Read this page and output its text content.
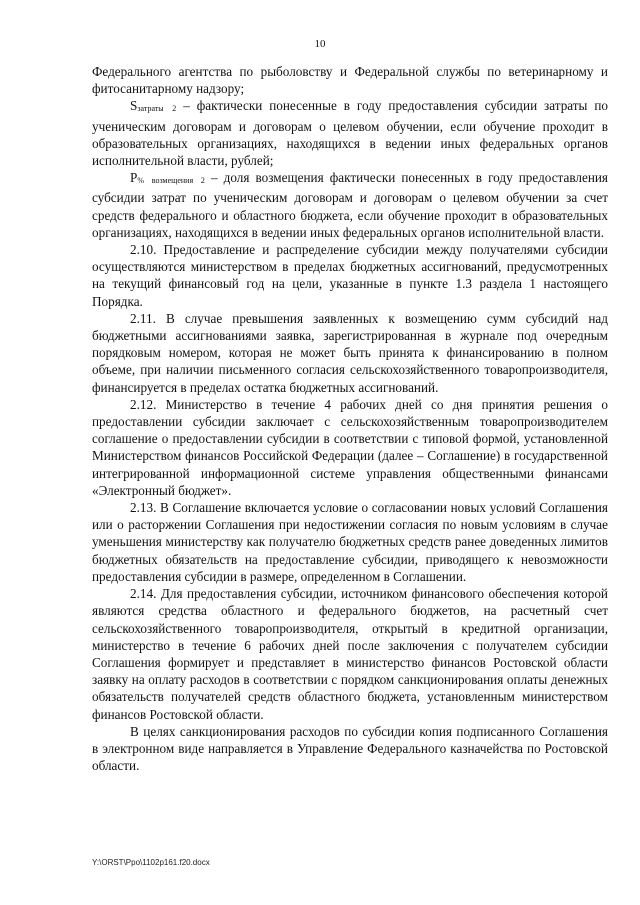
10

Федерального агентства по рыболовству и Федеральной службы по ветеринарному и фитосанитарному надзору;

Sзатраты 2 – фактически понесенные в году предоставления субсидии затраты по ученическим договорам и договорам о целевом обучении, если обучение проходит в образовательных организациях, находящихся в ведении иных федеральных органов исполнительной власти, рублей;

Р% возмещения 2 – доля возмещения фактически понесенных в году предоставления субсидии затрат по ученическим договорам и договорам о целевом обучении за счет средств федерального и областного бюджета, если обучение проходит в образовательных организациях, находящихся в ведении иных федеральных органов исполнительной власти.

2.10. Предоставление и распределение субсидии между получателями субсидии осуществляются министерством в пределах бюджетных ассигнований, предусмотренных на текущий финансовый год на цели, указанные в пункте 1.3 раздела 1 настоящего Порядка.

2.11. В случае превышения заявленных к возмещению сумм субсидий над бюджетными ассигнованиями заявка, зарегистрированная в журнале под очередным порядковым номером, которая не может быть принята к финансированию в полном объеме, при наличии письменного согласия сельскохозяйственного товаропроизводителя, финансируется в пределах остатка бюджетных ассигнований.

2.12. Министерство в течение 4 рабочих дней со дня принятия решения о предоставлении субсидии заключает с сельскохозяйственным товаропроизводителем соглашение о предоставлении субсидии в соответствии с типовой формой, установленной Министерством финансов Российской Федерации (далее – Соглашение) в государственной интегрированной информационной системе управления общественными финансами «Электронный бюджет».

2.13. В Соглашение включается условие о согласовании новых условий Соглашения или о расторжении Соглашения при недостижении согласия по новым условиям в случае уменьшения министерству как получателю бюджетных средств ранее доведенных лимитов бюджетных обязательств на предоставление субсидии, приводящего к невозможности предоставления субсидии в размере, определенном в Соглашении.

2.14. Для предоставления субсидии, источником финансового обеспечения которой являются средства областного и федерального бюджетов, на расчетный счет сельскохозяйственного товаропроизводителя, открытый в кредитной организации, министерство в течение 6 рабочих дней после заключения с получателем субсидии Соглашения формирует и представляет в министерство финансов Ростовской области заявку на оплату расходов в соответствии с порядком санкционирования оплаты денежных обязательств получателей средств областного бюджета, установленным министерством финансов Ростовской области.

В целях санкционирования расходов по субсидии копия подписанного Соглашения в электронном виде направляется в Управление Федерального казначейства по Ростовской области.

Y:\ORST\Ppo\1102p161.f20.docx
